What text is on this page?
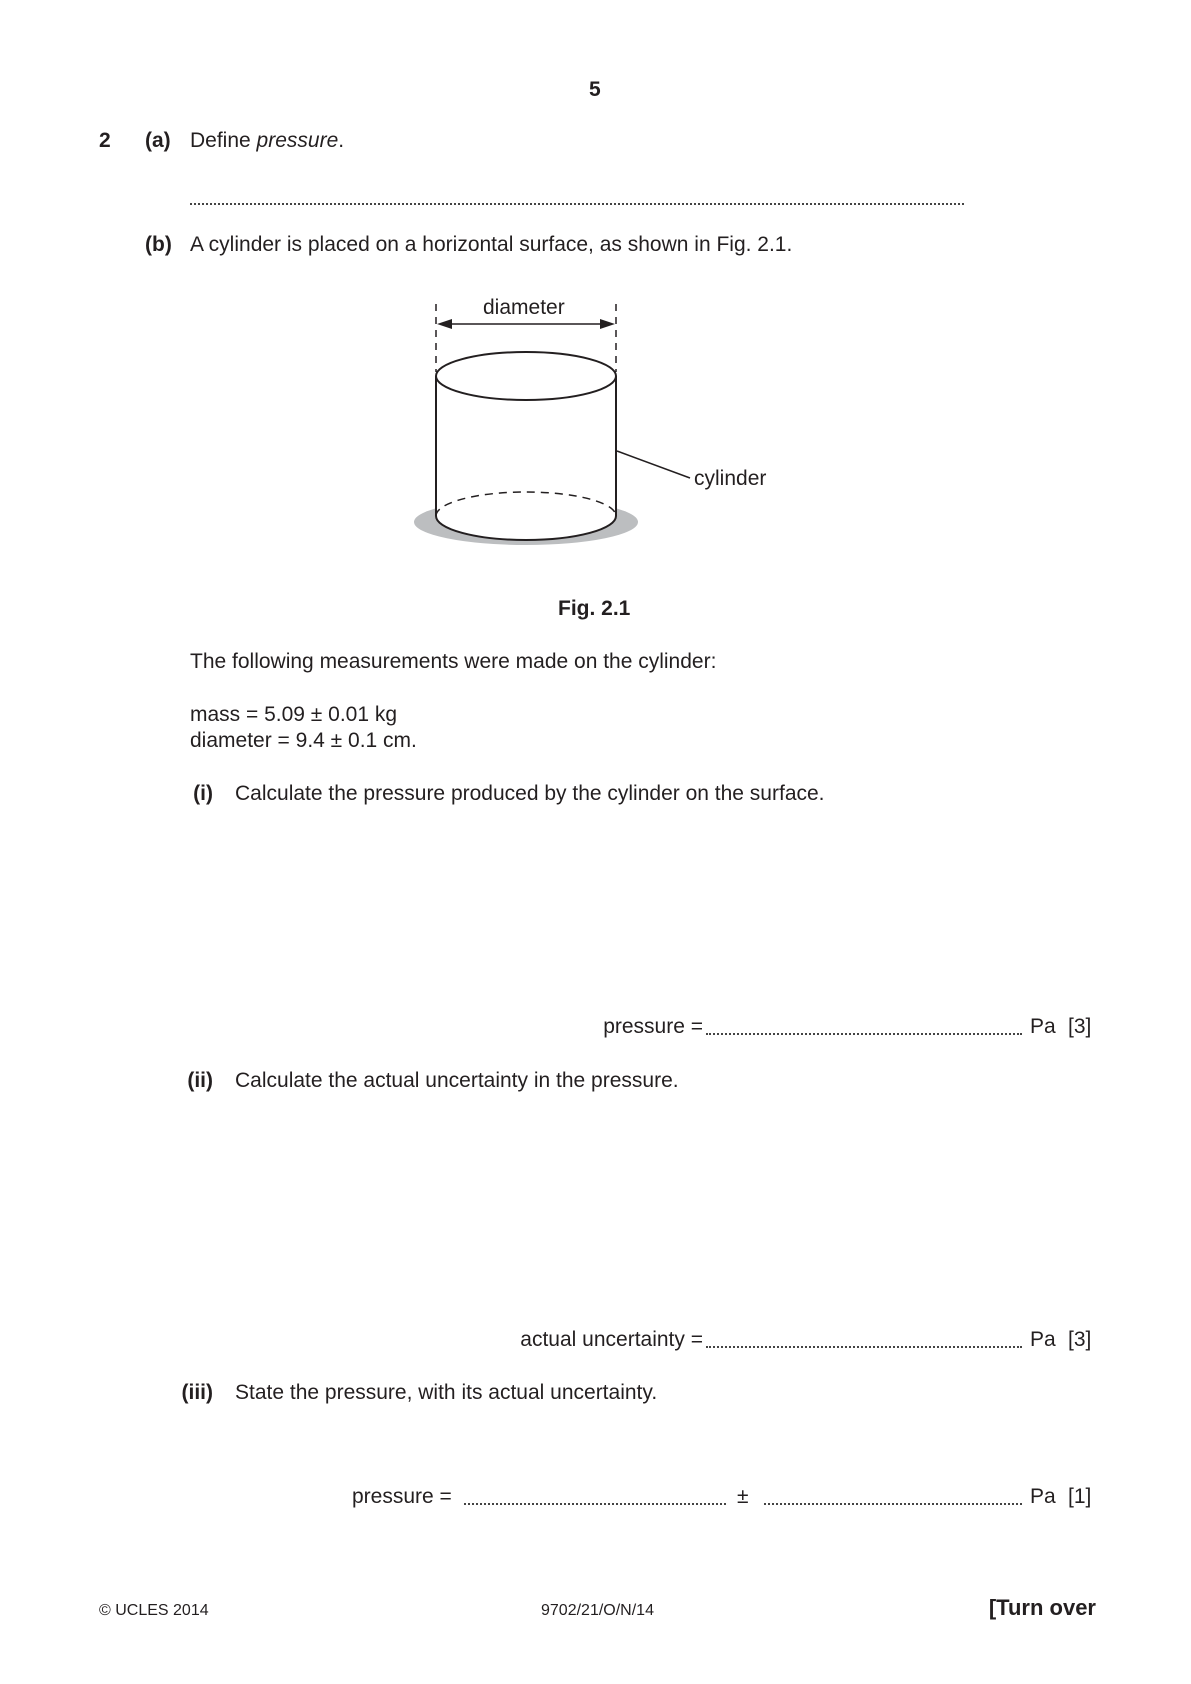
5
2 (a) Define pressure.
(b) A cylinder is placed on a horizontal surface, as shown in Fig. 2.1.
diameter
cylinder
Fig. 2.1
The following measurements were made on the cylinder:
mass = 5.09 ± 0.01 kg
diameter = 9.4 ± 0.1 cm.
(i) Calculate the pressure produced by the cylinder on the surface.
pressure =	Pa [3]
(ii) Calculate the actual uncertainty in the pressure.
actual uncertainty =	Pa [3]
(iii) State the pressure, with its actual uncertainty.
pressure =	±	Pa [1]
© UCLES 2014	9702/21/O/N/14	[Turn over
